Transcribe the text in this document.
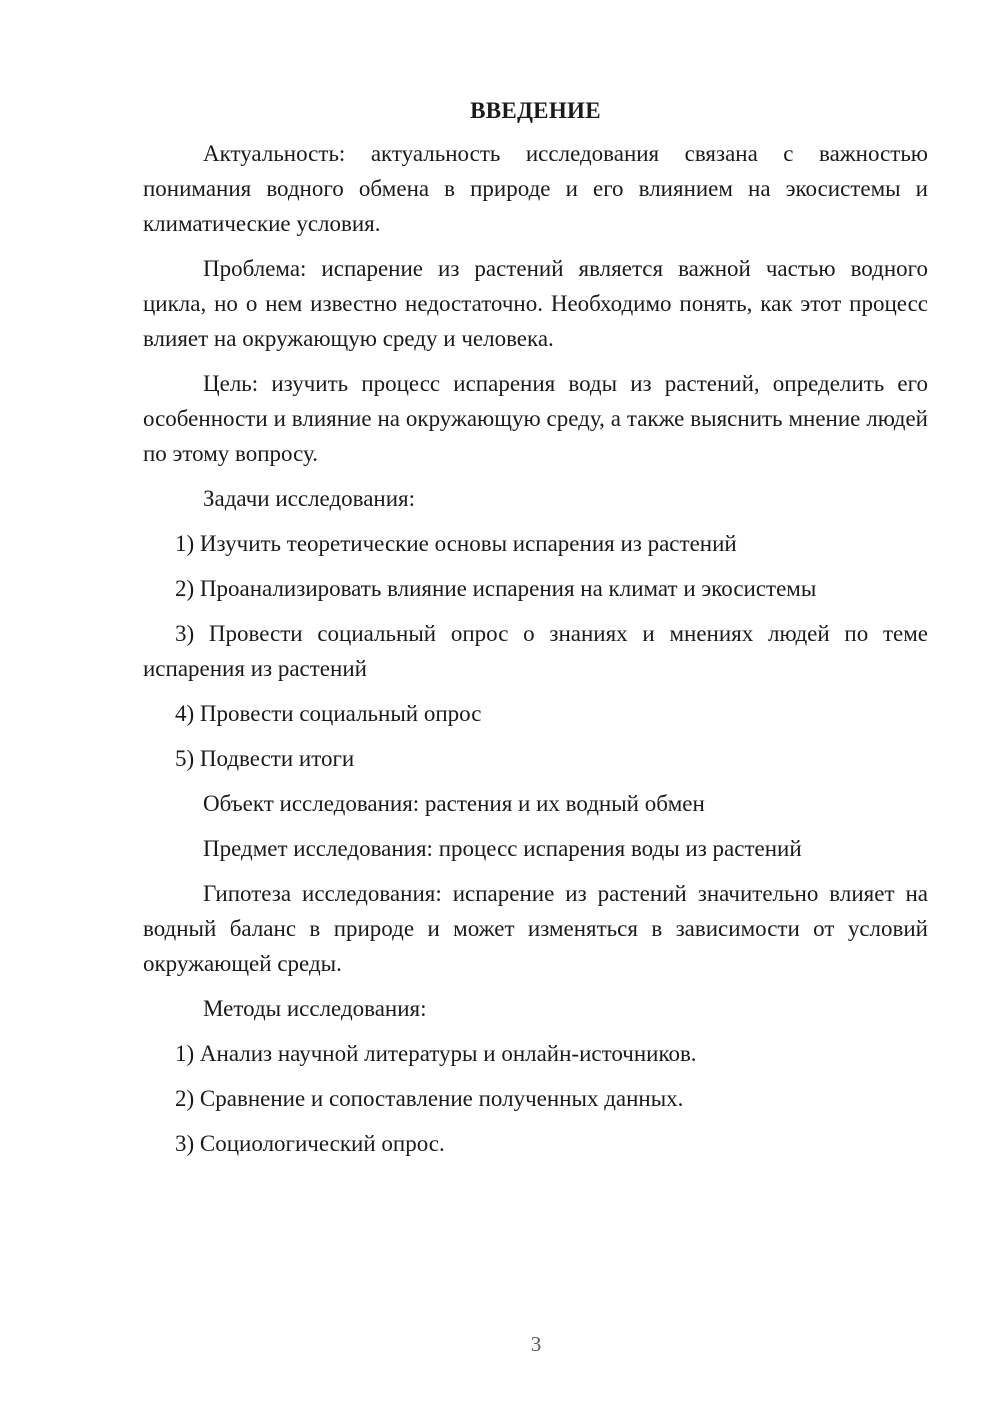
ВВЕДЕНИЕ

Актуальность: актуальность исследования связана с важностью понимания водного обмена в природе и его влиянием на экосистемы и климатические условия.

Проблема: испарение из растений является важной частью водного цикла, но о нем известно недостаточно. Необходимо понять, как этот процесс влияет на окружающую среду и человека.

Цель: изучить процесс испарения воды из растений, определить его особенности и влияние на окружающую среду, а также выяснить мнение людей по этому вопросу.

Задачи исследования:

1) Изучить теоретические основы испарения из растений

2) Проанализировать влияние испарения на климат и экосистемы

3) Провести социальный опрос о знаниях и мнениях людей по теме испарения из растений

4) Провести социальный опрос

5) Подвести итоги

Объект исследования: растения и их водный обмен

Предмет исследования: процесс испарения воды из растений

Гипотеза исследования: испарение из растений значительно влияет на водный баланс в природе и может изменяться в зависимости от условий окружающей среды.

Методы исследования:

1) Анализ научной литературы и онлайн-источников.

2) Сравнение и сопоставление полученных данных.

3) Социологический опрос.

3
